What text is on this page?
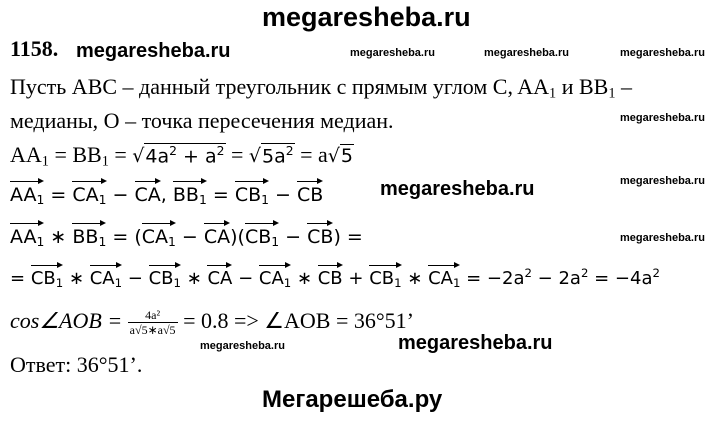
megaresheba.ru
1158. megaresheba.ru	megaresheba.ru	megaresheba.ru	megaresheba.ru
Пусть ABC – данный треугольник с прямым углом C, $AA_1$ и $BB_1$ –
медианы, O – точка пересечения медиан.	megaresheba.ru
$AA_1 = BB_1 = √4a^2 + a^2 = √5a^2 = a√5$
$AA_1 = CA_1$ − CA, $BB_1 = CB_1$ − CB	megaresheba.ru	megaresheba.ru
$AA_1$ ∗ $BB_1 = (CA_1 - CA)(CB_1 - CB)$ =	megaresheba.ru
= $CB_1$ ∗ $CA_1 - CB_1$ ∗ CA − $CA_1$ ∗ CB + $CB_1$ ∗ $CA_1 = -2a^2 - 2a^2 = -4a^2$
cos∠AOB = $\frac{\text{4a²}}{a√5∗a√5} = 0.8$ => ∠AOB = 36°51’
megaresheba.ru	megaresheba.ru
Ответ: 36°51’.
Мегарешеба.ру
